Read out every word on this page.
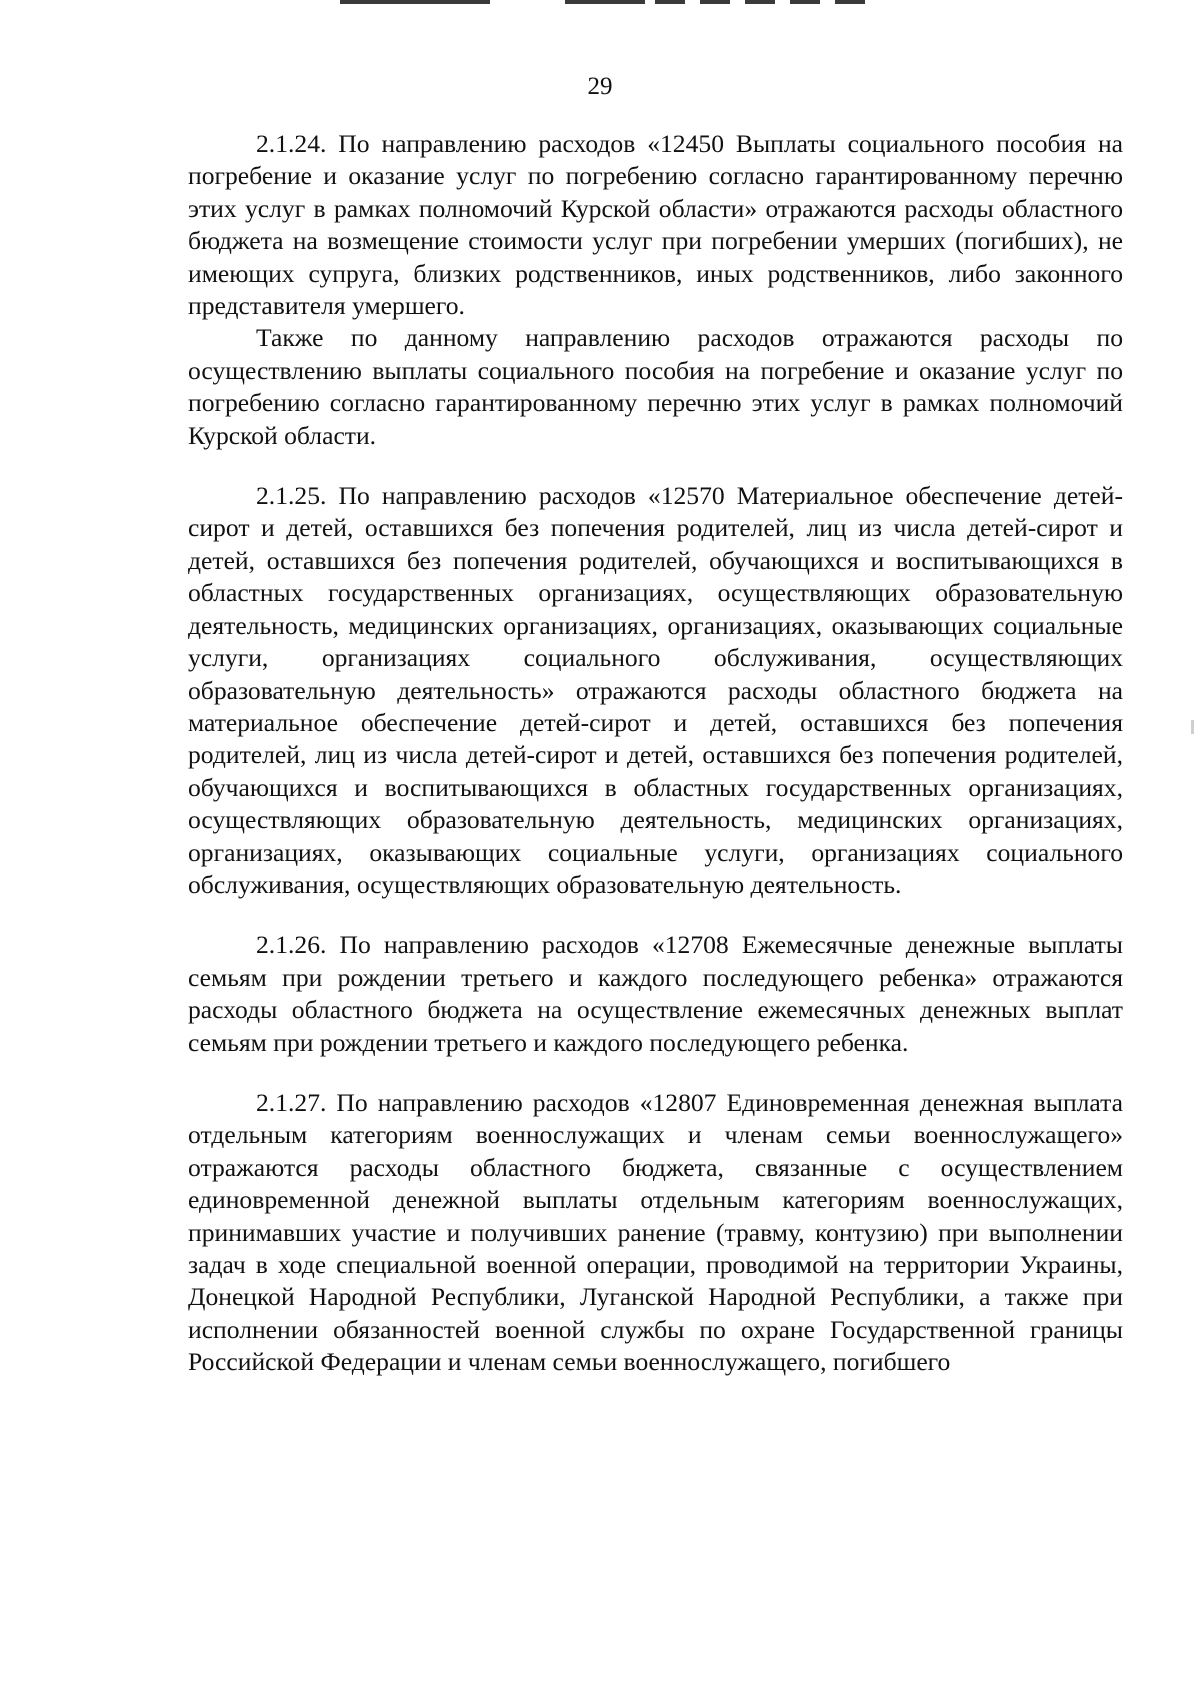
29

2.1.24. По направлению расходов «12450 Выплаты социального пособия на погребение и оказание услуг по погребению согласно гарантированному перечню этих услуг в рамках полномочий Курской области» отражаются расходы областного бюджета на возмещение стоимости услуг при погребении умерших (погибших), не имеющих супруга, близких родственников, иных родственников, либо законного представителя умершего.

Также по данному направлению расходов отражаются расходы по осуществлению выплаты социального пособия на погребение и оказание услуг по погребению согласно гарантированному перечню этих услуг в рамках полномочий Курской области.

2.1.25. По направлению расходов «12570 Материальное обеспечение детей-сирот и детей, оставшихся без попечения родителей, лиц из числа детей-сирот и детей, оставшихся без попечения родителей, обучающихся и воспитывающихся в областных государственных организациях, осуществляющих образовательную деятельность, медицинских организациях, организациях, оказывающих социальные услуги, организациях социального обслуживания, осуществляющих образовательную деятельность» отражаются расходы областного бюджета на материальное обеспечение детей-сирот и детей, оставшихся без попечения родителей, лиц из числа детей-сирот и детей, оставшихся без попечения родителей, обучающихся и воспитывающихся в областных государственных организациях, осуществляющих образовательную деятельность, медицинских организациях, организациях, оказывающих социальные услуги, организациях социального обслуживания, осуществляющих образовательную деятельность.

2.1.26. По направлению расходов «12708 Ежемесячные денежные выплаты семьям при рождении третьего и каждого последующего ребенка» отражаются расходы областного бюджета на осуществление ежемесячных денежных выплат семьям при рождении третьего и каждого последующего ребенка.

2.1.27. По направлению расходов «12807 Единовременная денежная выплата отдельным категориям военнослужащих и членам семьи военнослужащего» отражаются расходы областного бюджета, связанные с осуществлением единовременной денежной выплаты отдельным категориям военнослужащих, принимавших участие и получивших ранение (травму, контузию) при выполнении задач в ходе специальной военной операции, проводимой на территории Украины, Донецкой Народной Республики, Луганской Народной Республики, а также при исполнении обязанностей военной службы по охране Государственной границы Российской Федерации и членам семьи военнослужащего, погибшего
